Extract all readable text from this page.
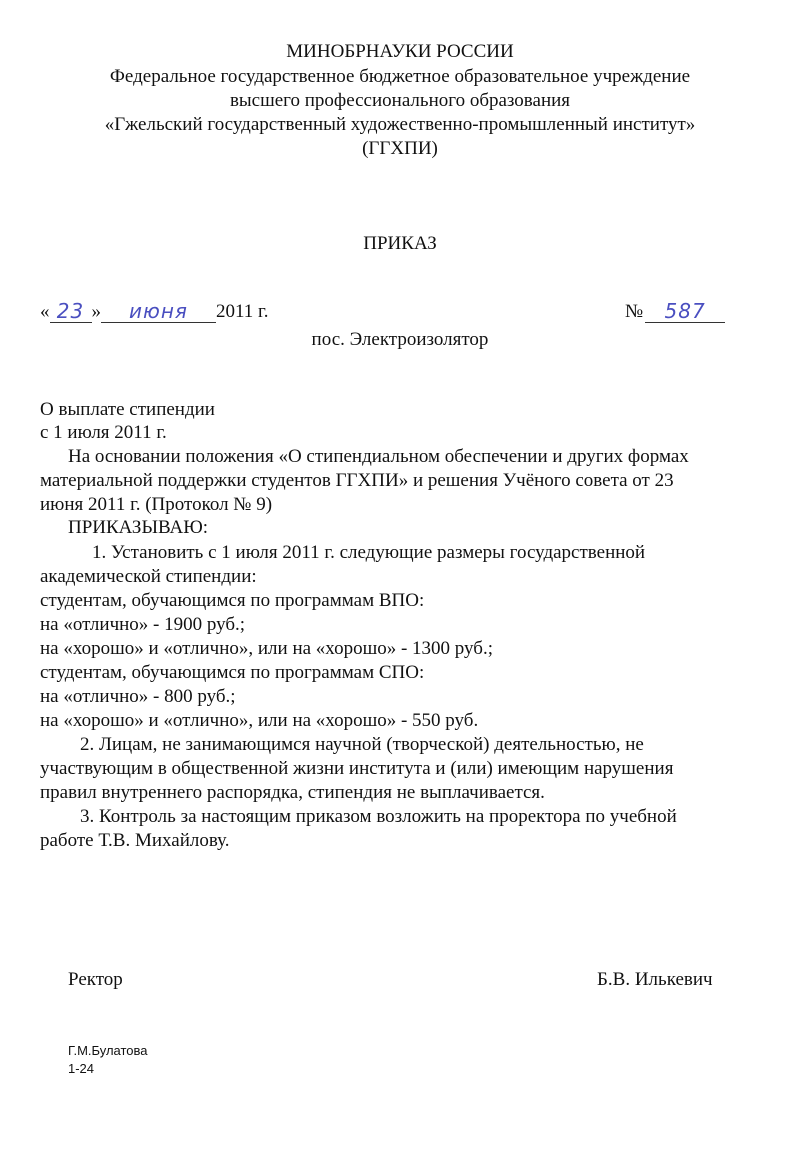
МИНОБРНАУКИ РОССИИ
Федеральное государственное бюджетное образовательное учреждение
высшего профессионального образования
«Гжельский государственный художественно-промышленный институт»
(ГГХПИ)
ПРИКАЗ
« 23 » июня 2011 г.	№ 587
пос. Электроизолятор
О выплате стипендии
с 1 июля 2011 г.
На основании положения «О стипендиальном обеспечении и других формах
материальной поддержки студентов ГГХПИ» и решения Учёного совета от 23
июня 2011 г. (Протокол № 9)
ПРИКАЗЫВАЮ:
1. Установить с 1 июля 2011 г. следующие размеры государственной
академической стипендии:
студентам, обучающимся по программам ВПО:
на «отлично» - 1900 руб.;
на «хорошо» и «отлично», или на «хорошо» - 1300 руб.;
студентам, обучающимся по программам СПО:
на «отлично» - 800 руб.;
на «хорошо» и «отлично», или на «хорошо» - 550 руб.
2. Лицам, не занимающимся научной (творческой) деятельностью, не
участвующим в общественной жизни института и (или) имеющим нарушения
правил внутреннего распорядка, стипендия не выплачивается.
3. Контроль за настоящим приказом возложить на проректора по учебной
работе Т.В. Михайлову.
Ректор	Б.В. Илькевич
Г.М.Булатова
1-24
